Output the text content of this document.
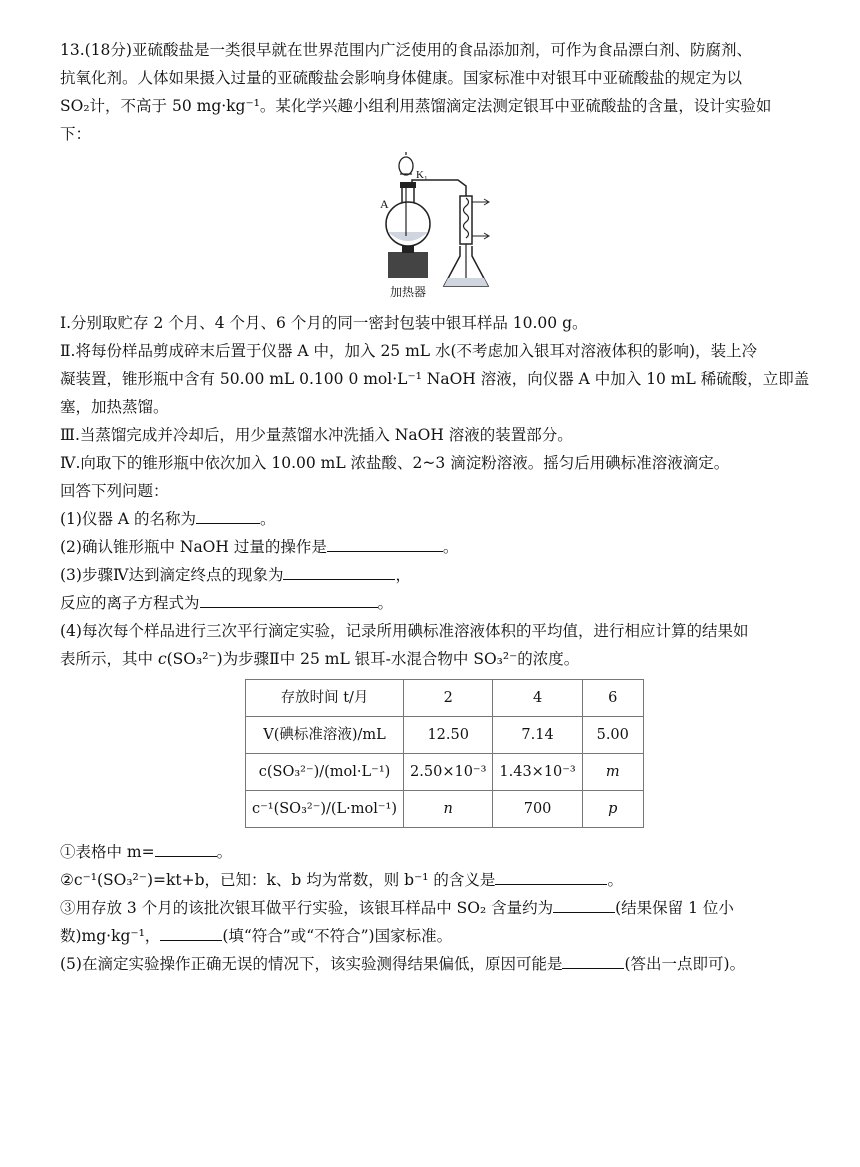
13.(18分)亚硫酸盐是一类很早就在世界范围内广泛使用的食品添加剂，可作为食品漂白剂、防腐剂、
抗氧化剂。人体如果摄入过量的亚硫酸盐会影响身体健康。国家标准中对银耳中亚硫酸盐的规定为以
SO₂计，不高于 50 mg·kg⁻¹。某化学兴趣小组利用蒸馏滴定法测定银耳中亚硫酸盐的含量，设计实验如
下：
加热器
A
K₁
Ⅰ.分别取贮存 2 个月、4 个月、6 个月的同一密封包装中银耳样品 10.00 g。
Ⅱ.将每份样品剪成碎末后置于仪器 A 中，加入 25 mL 水(不考虑加入银耳对溶液体积的影响)，装上冷
凝装置，锥形瓶中含有 50.00 mL 0.100 0 mol·L⁻¹ NaOH 溶液，向仪器 A 中加入 10 mL 稀硫酸，立即盖
塞，加热蒸馏。
Ⅲ.当蒸馏完成并冷却后，用少量蒸馏水冲洗插入 NaOH 溶液的装置部分。
Ⅳ.向取下的锥形瓶中依次加入 10.00 mL 浓盐酸、2~3 滴淀粉溶液。摇匀后用碘标准溶液滴定。
回答下列问题：
(1)仪器 A 的名称为	。
(2)确认锥形瓶中 NaOH 过量的操作是	。
(3)步骤Ⅳ达到滴定终点的现象为	，
反应的离子方程式为	。
(4)每次每个样品进行三次平行滴定实验，记录所用碘标准溶液体积的平均值，进行相应计算的结果如
表所示，其中 c(SO₃²⁻)为步骤Ⅱ中 25 mL 银耳-水混合物中 SO₃²⁻的浓度。
存放时间 t/月	2	4	6
V(碘标准溶液)/mL	12.50	7.14	5.00
c(SO₃²⁻)/(mol·L⁻¹)	2.50×10⁻³	1.43×10⁻³	m
c⁻¹(SO₃²⁻)/(L·mol⁻¹)	n	700	p
①表格中 m=	。
②c⁻¹(SO₃²⁻)=kt+b，已知：k、b 均为常数，则 b⁻¹ 的含义是	。
③用存放 3 个月的该批次银耳做平行实验，该银耳样品中 SO₂ 含量约为	(结果保留 1 位小
数)mg·kg⁻¹，	(填“符合”或“不符合”)国家标准。
(5)在滴定实验操作正确无误的情况下，该实验测得结果偏低，原因可能是	(答出一点即可)。
